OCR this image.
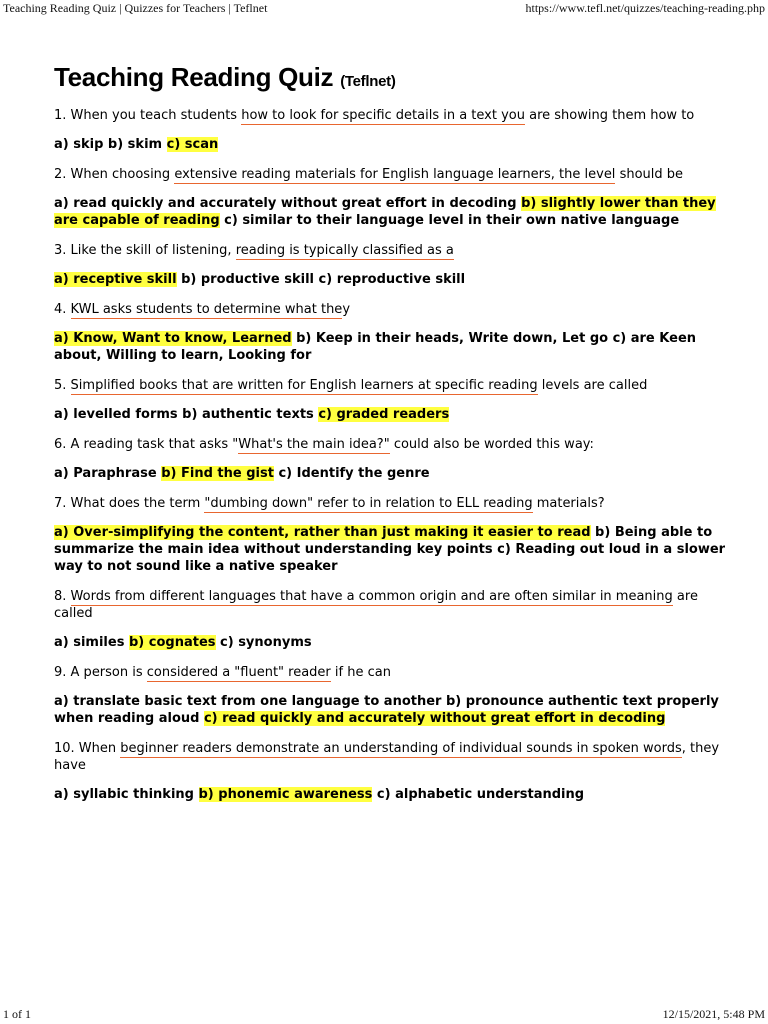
Teaching Reading Quiz | Quizzes for Teachers | Teflnet	https://www.tefl.net/quizzes/teaching-reading.php
Teaching Reading Quiz (Teflnet)

1. When you teach students how to look for specific details in a text you are showing them how to

a) skip b) skim c) scan

2. When choosing extensive reading materials for English language learners, the level should be

a) read quickly and accurately without great effort in decoding b) slightly lower than they are capable of reading c) similar to their language level in their own native language

3. Like the skill of listening, reading is typically classified as a

a) receptive skill b) productive skill c) reproductive skill

4. KWL asks students to determine what they

a) Know, Want to know, Learned b) Keep in their heads, Write down, Let go c) are Keen about, Willing to learn, Looking for

5. Simplified books that are written for English learners at specific reading levels are called

a) levelled forms b) authentic texts c) graded readers

6. A reading task that asks "What's the main idea?" could also be worded this way:

a) Paraphrase b) Find the gist c) Identify the genre

7. What does the term "dumbing down" refer to in relation to ELL reading materials?

a) Over-simplifying the content, rather than just making it easier to read b) Being able to summarize the main idea without understanding key points c) Reading out loud in a slower way to not sound like a native speaker

8. Words from different languages that have a common origin and are often similar in meaning are called

a) similes b) cognates c) synonyms

9. A person is considered a "fluent" reader if he can

a) translate basic text from one language to another b) pronounce authentic text properly when reading aloud c) read quickly and accurately without great effort in decoding

10. When beginner readers demonstrate an understanding of individual sounds in spoken words, they have

a) syllabic thinking b) phonemic awareness c) alphabetic understanding

1 of 1	12/15/2021, 5:48 PM
